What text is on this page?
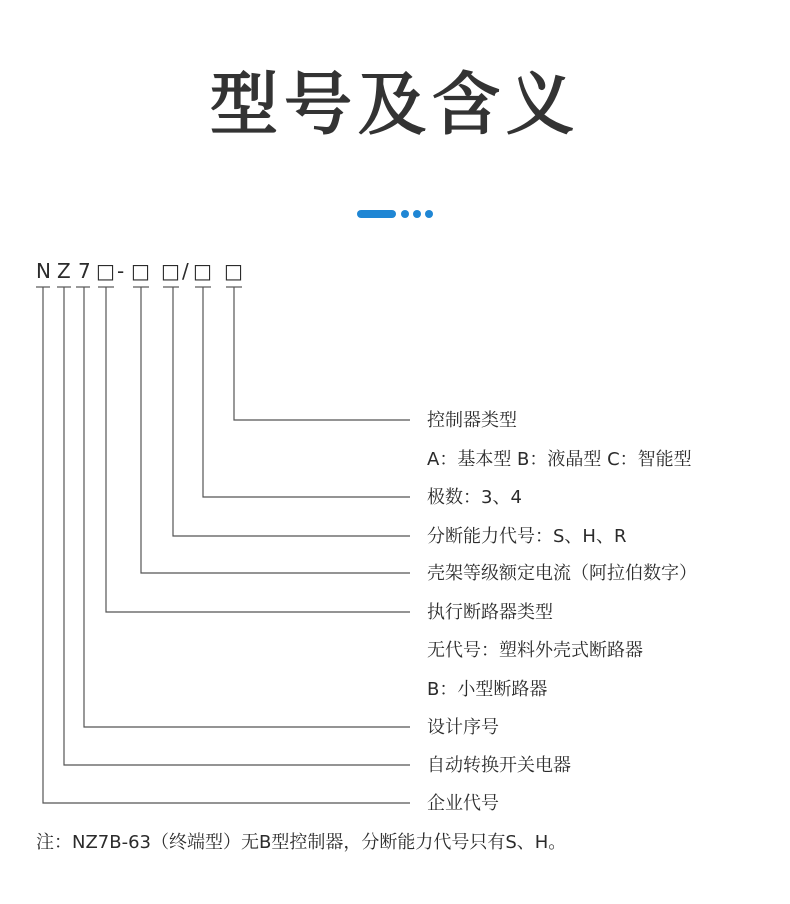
型号及含义
N Z 7 □ - □ □ / □ □
控制器类型
A：基本型 B：液晶型 C：智能型
极数：3、4
分断能力代号：S、H、R
壳架等级额定电流（阿拉伯数字）
执行断路器类型
无代号：塑料外壳式断路器
B：小型断路器
设计序号
自动转换开关电器
企业代号
注：NZ7B-63（终端型）无B型控制器，分断能力代号只有S、H。
